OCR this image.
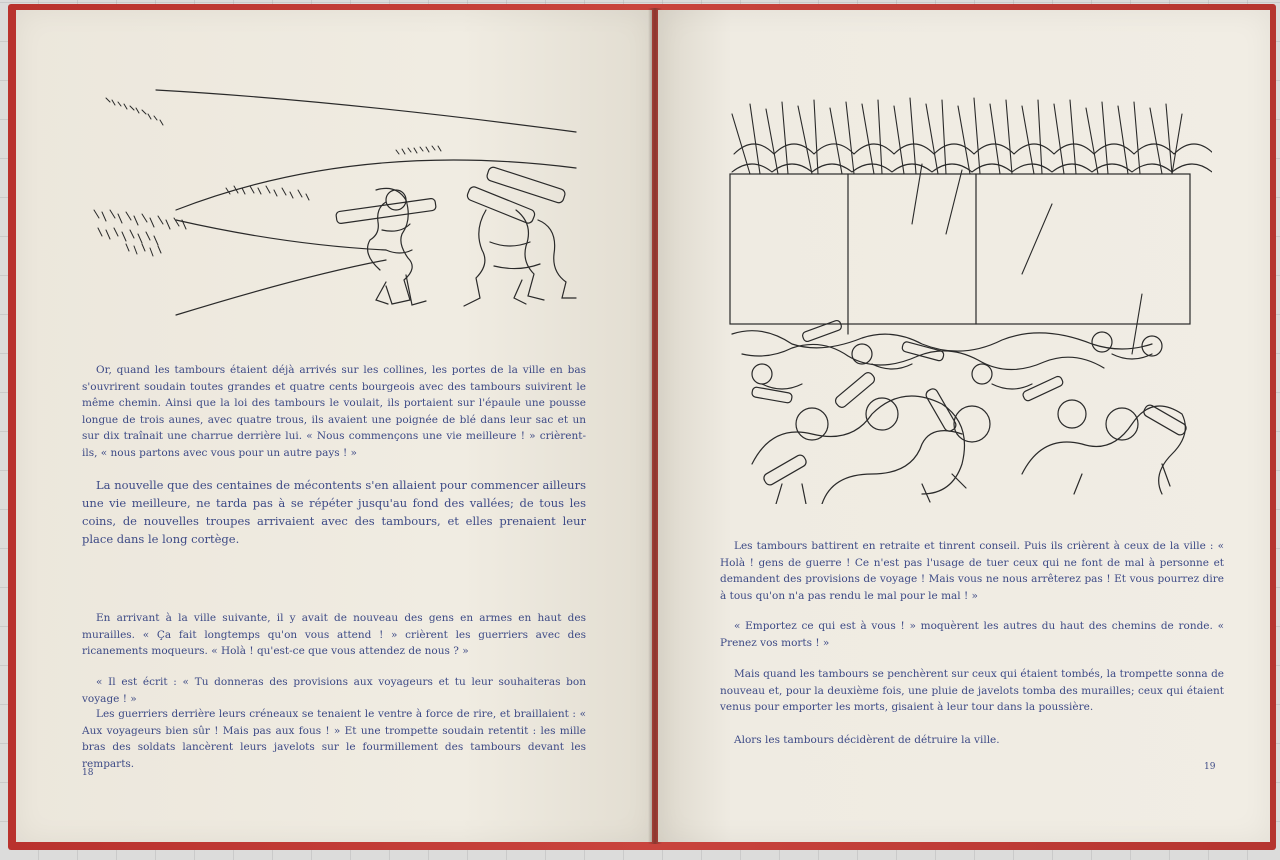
Or, quand les tambours étaient déjà arrivés sur les collines, les portes de la ville en bas s'ouvrirent soudain toutes grandes et quatre cents bourgeois avec des tambours suivirent le même chemin. Ainsi que la loi des tambours le voulait, ils portaient sur l'épaule une pousse longue de trois aunes, avec quatre trous, ils avaient une poignée de blé dans leur sac et un sur dix traînait une charrue derrière lui. « Nous commençons une vie meilleure ! » crièrent-ils, « nous partons avec vous pour un autre pays ! »

La nouvelle que des centaines de mécontents s'en allaient pour commencer ailleurs une vie meilleure, ne tarda pas à se répéter jusqu'au fond des vallées; de tous les coins, de nouvelles troupes arrivaient avec des tambours, et elles prenaient leur place dans le long cortège.

En arrivant à la ville suivante, il y avait de nouveau des gens en armes en haut des murailles. « Ça fait longtemps qu'on vous attend ! » crièrent les guerriers avec des ricanements moqueurs. « Holà ! qu'est-ce que vous attendez de nous ? »

« Il est écrit : « Tu donneras des provisions aux voyageurs et tu leur souhaiteras bon voyage ! »

Les guerriers derrière leurs créneaux se tenaient le ventre à force de rire, et braillaient : « Aux voyageurs bien sûr ! Mais pas aux fous ! » Et une trompette soudain retentit : les mille bras des soldats lancèrent leurs javelots sur le fourmillement des tambours devant les remparts.

18

Les tambours battirent en retraite et tinrent conseil. Puis ils crièrent à ceux de la ville : « Holà ! gens de guerre ! Ce n'est pas l'usage de tuer ceux qui ne font de mal à personne et demandent des provisions de voyage ! Mais vous ne nous arrêterez pas ! Et vous pourrez dire à tous qu'on n'a pas rendu le mal pour le mal ! »

« Emportez ce qui est à vous ! » moquèrent les autres du haut des chemins de ronde. « Prenez vos morts ! »

Mais quand les tambours se penchèrent sur ceux qui étaient tombés, la trompette sonna de nouveau et, pour la deuxième fois, une pluie de javelots tomba des murailles; ceux qui étaient venus pour emporter les morts, gisaient à leur tour dans la poussière.

Alors les tambours décidèrent de détruire la ville.

19
